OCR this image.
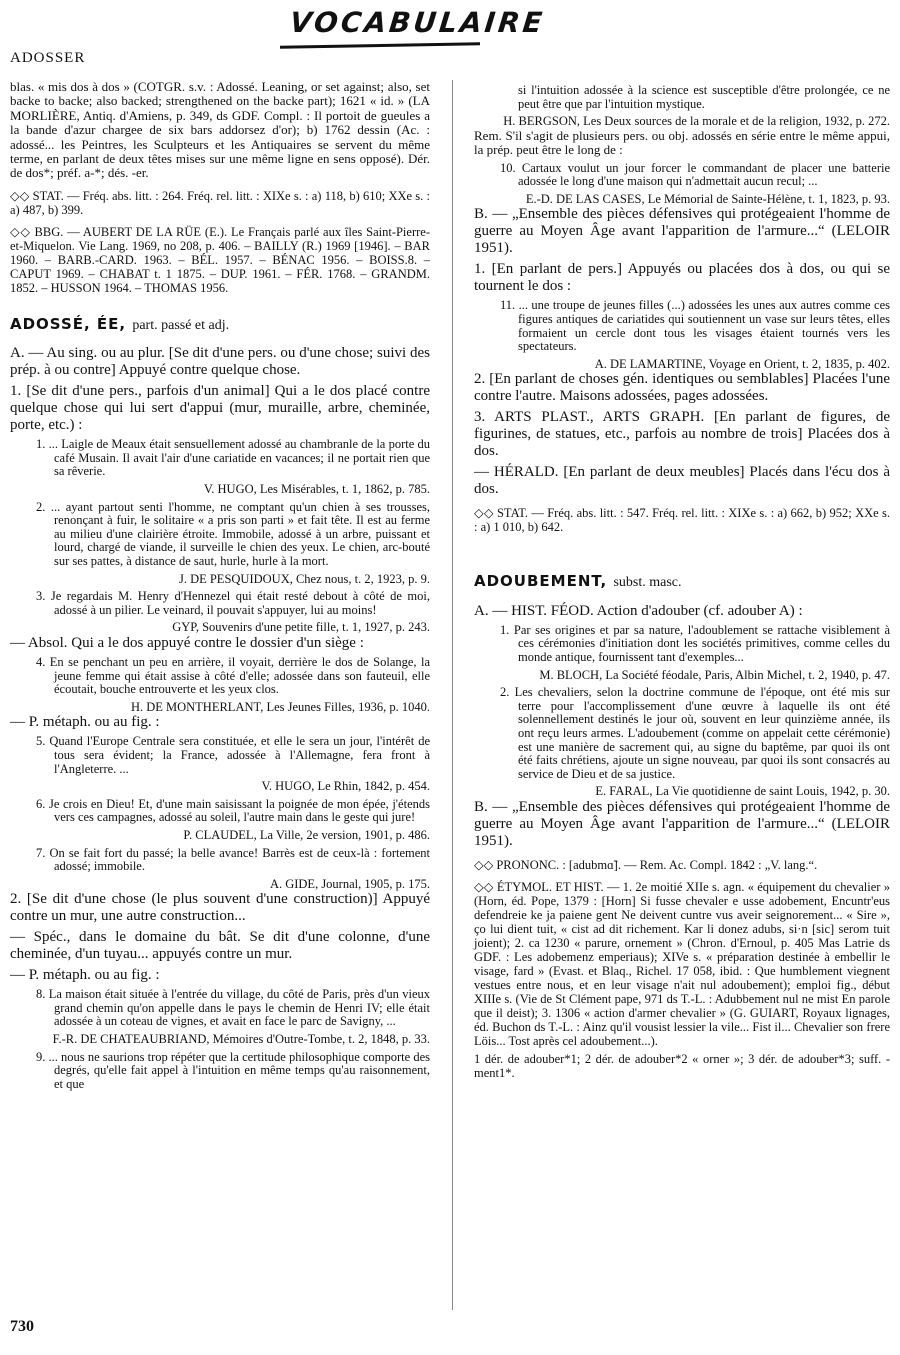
VOCABULAIRE
ADOSSER

blas. « mis dos à dos » (COTGR. s.v. : Adossé. Leaning, or set against; also, set backe to backe; also backed; strengthened on the backe part); 1621 « id. » (LA MORLIÈRE, Antiq. d'Amiens, p. 349, ds GDF. Compl. : Il portoit de gueules a la bande d'azur chargee de six bars addorsez d'or); b) 1762 dessin (Ac. : adossé... les Peintres, les Sculpteurs et les Antiquaires se servent du même terme, en parlant de deux têtes mises sur une même ligne en sens opposé). Dér. de dos*; préf. a-*; dés. -er.

◇◇ STAT. — Fréq. abs. litt. : 264. Fréq. rel. litt. : XIXe s. : a) 118, b) 610; XXe s. : a) 487, b) 399.

◇◇ BBG. — AUBERT DE LA RÜE (E.). Le Français parlé aux îles Saint-Pierre-et-Miquelon. Vie Lang. 1969, no 208, p. 406. – BAILLY (R.) 1969 [1946]. – BAR 1960. – BARB.-CARD. 1963. – BÉL. 1957. – BÉNAC 1956. – BOISS.8. – CAPUT 1969. – CHABAT t. 1 1875. – DUP. 1961. – FÉR. 1768. – GRANDM. 1852. – HUSSON 1964. – THOMAS 1956.

ADOSSÉ, ÉE, part. passé et adj.

A. — Au sing. ou au plur. [Se dit d'une pers. ou d'une chose; suivi des prép. à ou contre] Appuyé contre quelque chose.

1. [Se dit d'une pers., parfois d'un animal] Qui a le dos placé contre quelque chose qui lui sert d'appui (mur, muraille, arbre, cheminée, porte, etc.) :

1. ... Laigle de Meaux était sensuellement adossé au chambranle de la porte du café Musain. Il avait l'air d'une cariatide en vacances; il ne portait rien que sa rêverie.

V. HUGO, Les Misérables, t. 1, 1862, p. 785.

2. ... ayant partout senti l'homme, ne comptant qu'un chien à ses trousses, renonçant à fuir, le solitaire « a pris son parti » et fait tête. Il est au ferme au milieu d'une clairière étroite. Immobile, adossé à un arbre, puissant et lourd, chargé de viande, il surveille le chien des yeux. Le chien, arc-bouté sur ses pattes, à distance de saut, hurle, hurle à la mort.

J. DE PESQUIDOUX, Chez nous, t. 2, 1923, p. 9.

3. Je regardais M. Henry d'Hennezel qui était resté debout à côté de moi, adossé à un pilier. Le veinard, il pouvait s'appuyer, lui au moins!

GYP, Souvenirs d'une petite fille, t. 1, 1927, p. 243.

— Absol. Qui a le dos appuyé contre le dossier d'un siège :

4. En se penchant un peu en arrière, il voyait, derrière le dos de Solange, la jeune femme qui était assise à côté d'elle; adossée dans son fauteuil, elle écoutait, bouche entrouverte et les yeux clos.

H. DE MONTHERLANT, Les Jeunes Filles, 1936, p. 1040.

— P. métaph. ou au fig. :

5. Quand l'Europe Centrale sera constituée, et elle le sera un jour, l'intérêt de tous sera évident; la France, adossée à l'Allemagne, fera front à l'Angleterre. ...

V. HUGO, Le Rhin, 1842, p. 454.

6. Je crois en Dieu! Et, d'une main saisissant la poignée de mon épée, j'étends vers ces campagnes, adossé au soleil, l'autre main dans le geste qui jure!

P. CLAUDEL, La Ville, 2e version, 1901, p. 486.

7. On se fait fort du passé; la belle avance! Barrès est de ceux-là : fortement adossé; immobile.

A. GIDE, Journal, 1905, p. 175.

2. [Se dit d'une chose (le plus souvent d'une construction)] Appuyé contre un mur, une autre construction...

— Spéc., dans le domaine du bât. Se dit d'une colonne, d'une cheminée, d'un tuyau... appuyés contre un mur.

— P. métaph. ou au fig. :

8. La maison était située à l'entrée du village, du côté de Paris, près d'un vieux grand chemin qu'on appelle dans le pays le chemin de Henri IV; elle était adossée à un coteau de vignes, et avait en face le parc de Savigny, ...

F.-R. DE CHATEAUBRIAND, Mémoires d'Outre-Tombe, t. 2, 1848, p. 33.

9. ... nous ne saurions trop répéter que la certitude philosophique comporte des degrés, qu'elle fait appel à l'intuition en même temps qu'au raisonnement, et que

si l'intuition adossée à la science est susceptible d'être prolongée, ce ne peut être que par l'intuition mystique.

H. BERGSON, Les Deux sources de la morale et de la religion, 1932, p. 272.

Rem. S'il s'agit de plusieurs pers. ou obj. adossés en série entre le même appui, la prép. peut être le long de :

10. Cartaux voulut un jour forcer le commandant de placer une batterie adossée le long d'une maison qui n'admettait aucun recul; ...

E.-D. DE LAS CASES, Le Mémorial de Sainte-Hélène, t. 1, 1823, p. 93.

B. — „Ensemble des pièces défensives qui protégeaient l'homme de guerre au Moyen Âge avant l'apparition de l'armure...“ (LELOIR 1951).

1. [En parlant de pers.] Appuyés ou placées dos à dos, ou qui se tournent le dos :

11. ... une troupe de jeunes filles (...) adossées les unes aux autres comme ces figures antiques de cariatides qui soutiennent un vase sur leurs têtes, elles formaient un cercle dont tous les visages étaient tournés vers les spectateurs.

A. DE LAMARTINE, Voyage en Orient, t. 2, 1835, p. 402.

2. [En parlant de choses gén. identiques ou semblables] Placées l'une contre l'autre. Maisons adossées, pages adossées.

3. ARTS PLAST., ARTS GRAPH. [En parlant de figures, de figurines, de statues, etc., parfois au nombre de trois] Placées dos à dos.

— HÉRALD. [En parlant de deux meubles] Placés dans l'écu dos à dos.

◇◇ STAT. — Fréq. abs. litt. : 547. Fréq. rel. litt. : XIXe s. : a) 662, b) 952; XXe s. : a) 1 010, b) 642.

ADOUBEMENT, subst. masc.

A. — HIST. FÉOD. Action d'adouber (cf. adouber A) :

1. Par ses origines et par sa nature, l'adoublement se rattache visiblement à ces cérémonies d'initiation dont les sociétés primitives, comme celles du monde antique, fournissent tant d'exemples...

M. BLOCH, La Société féodale, Paris, Albin Michel, t. 2, 1940, p. 47.

2. Les chevaliers, selon la doctrine commune de l'époque, ont été mis sur terre pour l'accomplissement d'une œuvre à laquelle ils ont été solennellement destinés le jour où, souvent en leur quinzième année, ils ont reçu leurs armes. L'adoubement (comme on appelait cette cérémonie) est une manière de sacrement qui, au signe du baptême, par quoi ils ont été faits chrétiens, ajoute un signe nouveau, par quoi ils sont consacrés au service de Dieu et de sa justice.

E. FARAL, La Vie quotidienne de saint Louis, 1942, p. 30.

B. — „Ensemble des pièces défensives qui protégeaient l'homme de guerre au Moyen Âge avant l'apparition de l'armure...“ (LELOIR 1951).

◇◇ PRONONC. : [adubmɑ̃]. — Rem. Ac. Compl. 1842 : „V. lang.“.

◇◇ ÉTYMOL. ET HIST. — 1. 2e moitié XIIe s. agn. « équipement du chevalier » (Horn, éd. Pope, 1379 : [Horn] Si fusse chevaler e usse adobement, Encuntr'eus defendreie ke ja paiene gent Ne deivent cuntre vus aveir seignorement... « Sire », ço lui dient tuit, « cist ad dit richement. Kar li donez adubs, si·n [sic] serom tuit joient); 2. ca 1230 « parure, ornement » (Chron. d'Ernoul, p. 405 Mas Latrie ds GDF. : Les adobemenz emperiaus); XIVe s. « préparation destinée à embellir le visage, fard » (Evast. et Blaq., Richel. 17 058, ibid. : Que humblement viegnent vestues entre nous, et en leur visage n'ait nul adoubement); emploi fig., début XIIIe s. (Vie de St Clément pape, 971 ds T.-L. : Adubbement nul ne mist En parole que il deist); 3. 1306 « action d'armer chevalier » (G. GUIART, Royaux lignages, éd. Buchon ds T.-L. : Ainz qu'il vousist lessier la vile... Fist il... Chevalier son frere Löis... Tost après cel adoubement...).

1 dér. de adouber*1; 2 dér. de adouber*2 « orner »; 3 dér. de adouber*3; suff. -ment1*.

730
